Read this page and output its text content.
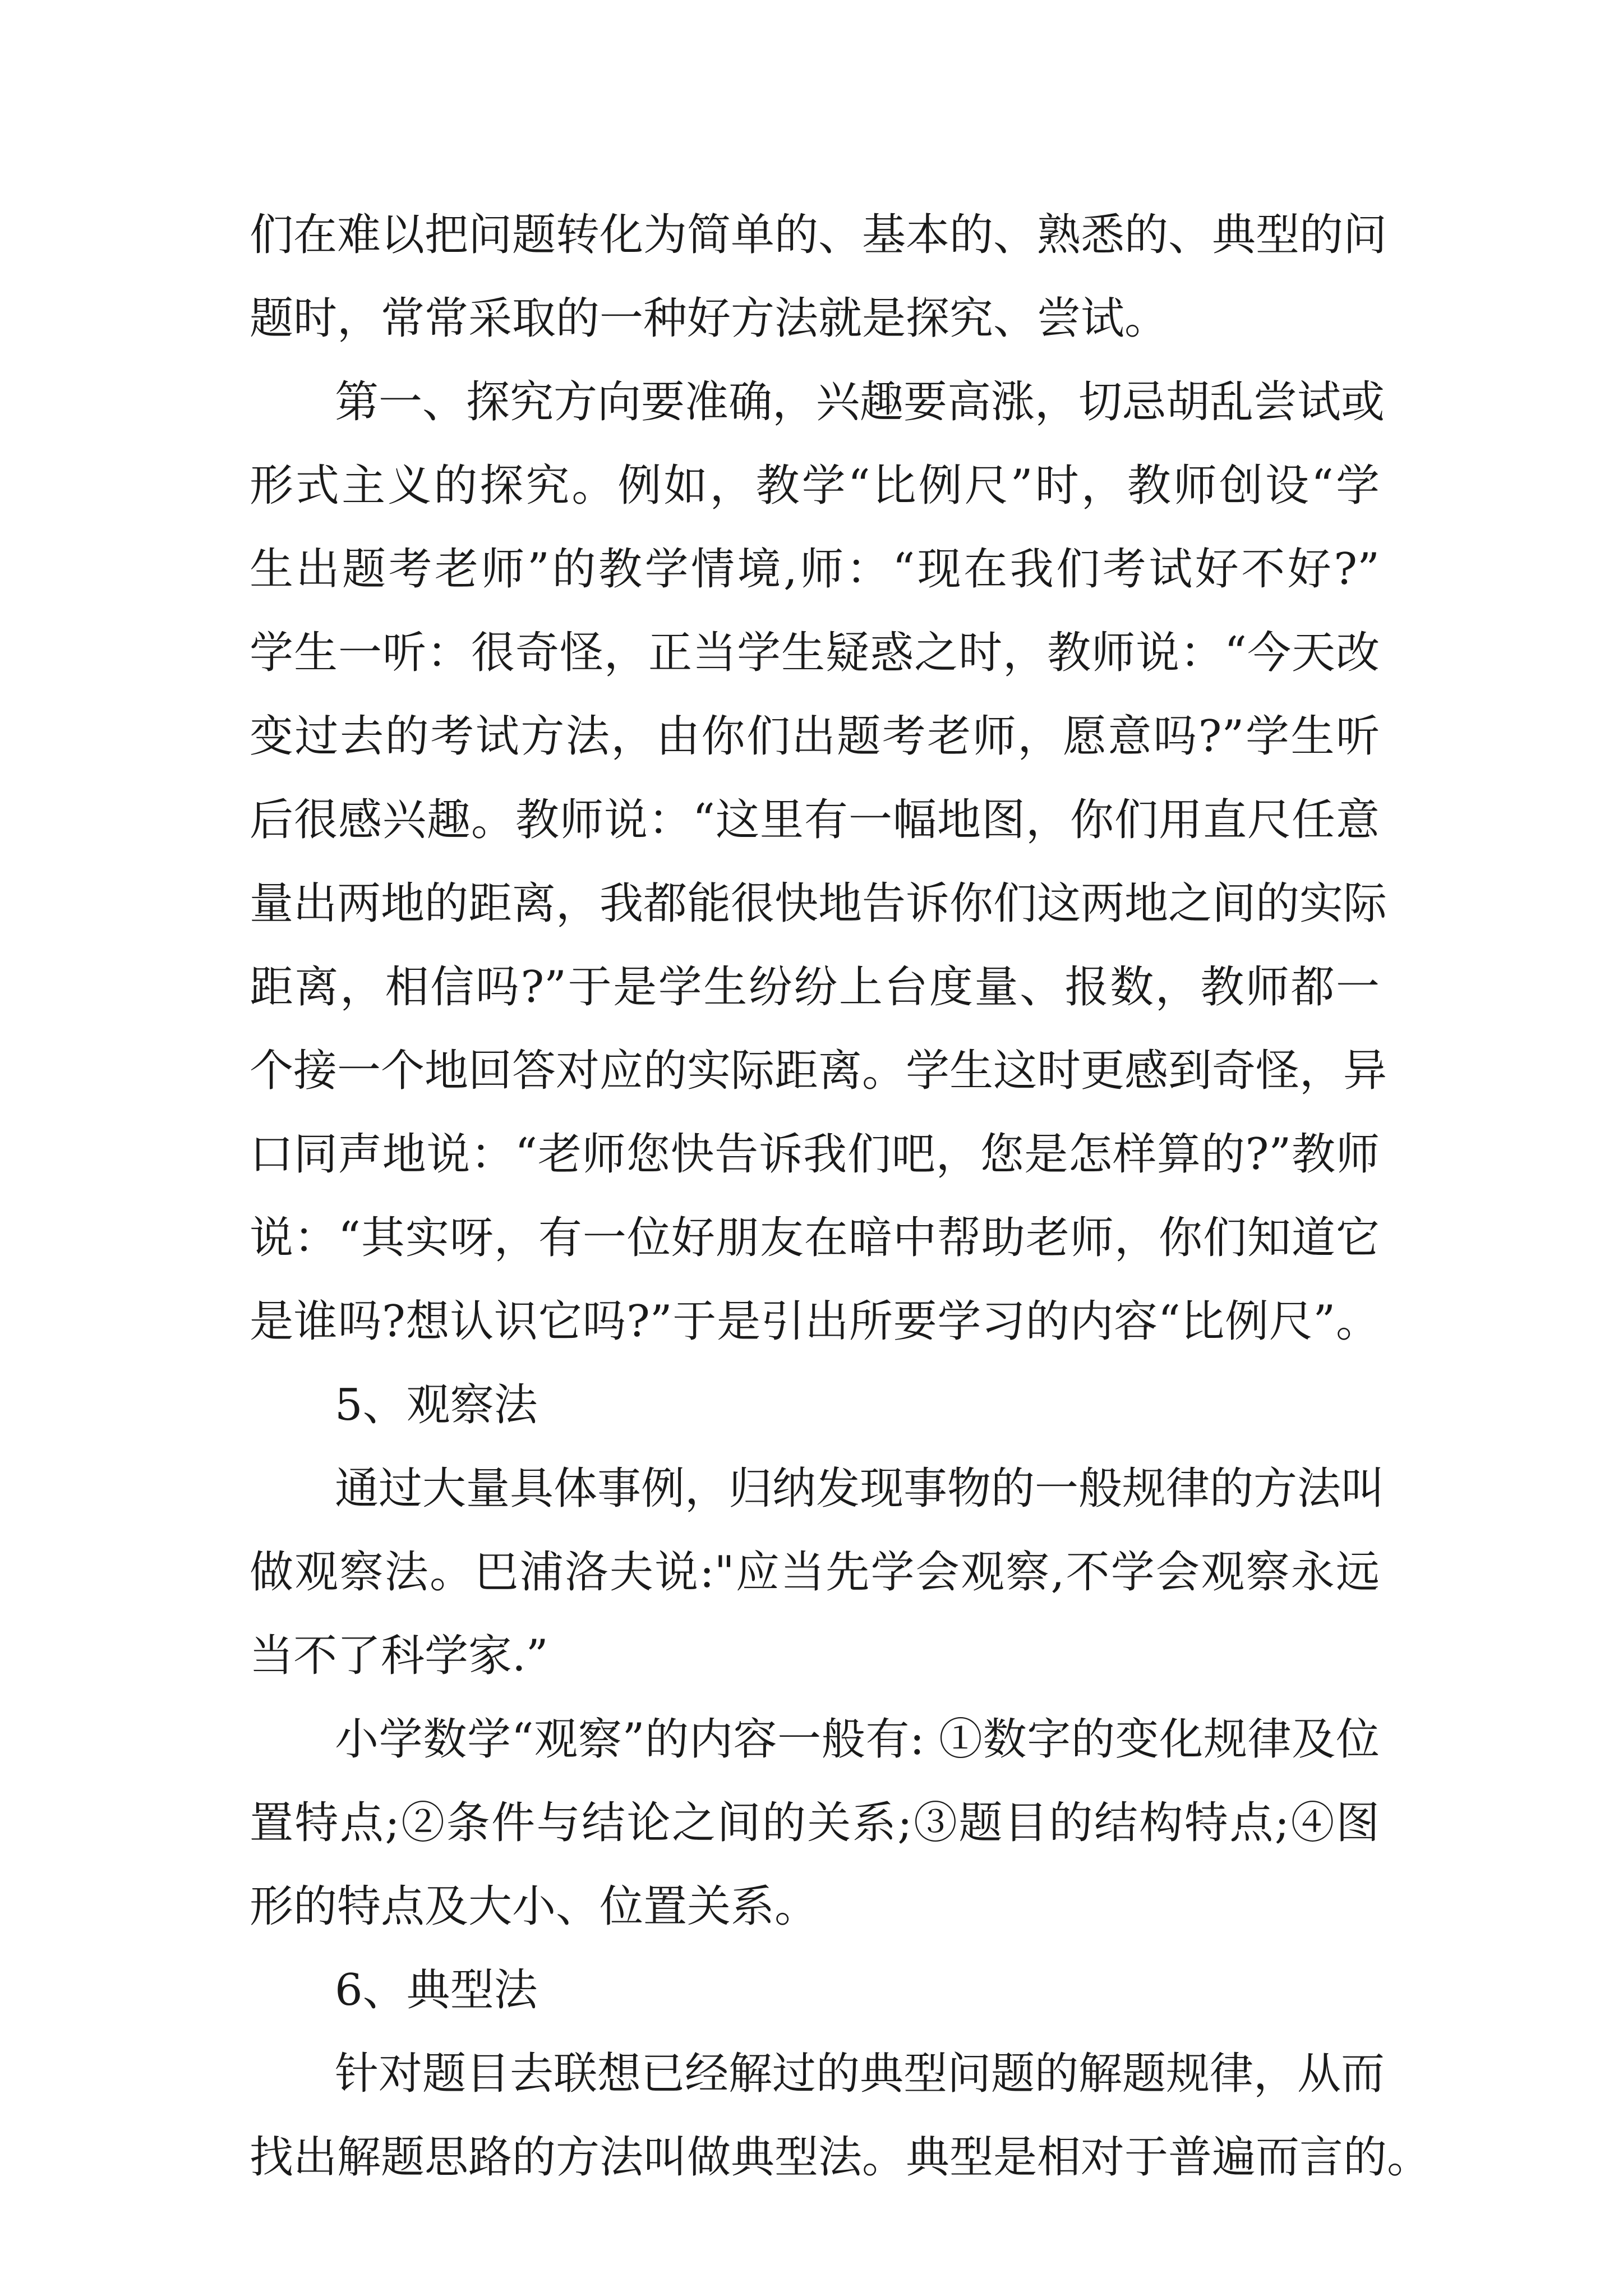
们在难以把问题转化为简单的、基本的、熟悉的、典型的问
题时，常常采取的一种好方法就是探究、尝试。
第一、探究方向要准确，兴趣要高涨，切忌胡乱尝试或
形式主义的探究。例如，教学“比例尺”时，教师创设“学
生出题考老师”的教学情境,师：“现在我们考试好不好?”
学生一听：很奇怪，正当学生疑惑之时，教师说：“今天改
变过去的考试方法，由你们出题考老师，愿意吗?”学生听
后很感兴趣。教师说：“这里有一幅地图，你们用直尺任意
量出两地的距离，我都能很快地告诉你们这两地之间的实际
距离，相信吗?”于是学生纷纷上台度量、报数，教师都一
个接一个地回答对应的实际距离。学生这时更感到奇怪，异
口同声地说：“老师您快告诉我们吧，您是怎样算的?”教师
说：“其实呀，有一位好朋友在暗中帮助老师，你们知道它
是谁吗?想认识它吗?”于是引出所要学习的内容“比例尺”。
5、观察法
通过大量具体事例，归纳发现事物的一般规律的方法叫
做观察法。巴浦洛夫说:"应当先学会观察,不学会观察永远
当不了科学家.”
小学数学“观察”的内容一般有: ①数字的变化规律及位
置特点;②条件与结论之间的关系;③题目的结构特点;④图
形的特点及大小、位置关系。
6、典型法
针对题目去联想已经解过的典型问题的解题规律，从而
找出解题思路的方法叫做典型法。典型是相对于普遍而言的。
